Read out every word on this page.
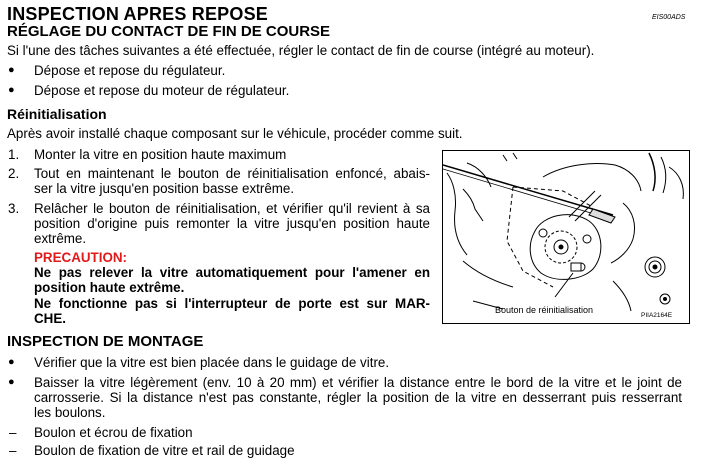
INSPECTION APRES REPOSE	EIS00ADS
RÉGLAGE DU CONTACT DE FIN DE COURSE
Si l'une des tâches suivantes a été effectuée, régler le contact de fin de course (intégré au moteur).
● Dépose et repose du régulateur.
● Dépose et repose du moteur de régulateur.
Réinitialisation
Après avoir installé chaque composant sur le véhicule, procéder comme suit.
1. Monter la vitre en position haute maximum
2. Tout en maintenant le bouton de réinitialisation enfoncé, abais-
ser la vitre jusqu'en position basse extrême.
3. Relâcher le bouton de réinitialisation, et vérifier qu'il revient à sa
position d'origine puis remonter la vitre jusqu'en position haute
extrême.
PRECAUTION:
Ne pas relever la vitre automatiquement pour l'amener en
position haute extrême.
Ne fonctionne pas si l'interrupteur de porte est sur MAR-
CHE.
Bouton de réinitialisation
PIIA2164E
INSPECTION DE MONTAGE
● Vérifier que la vitre est bien placée dans le guidage de vitre.
● Baisser la vitre légèrement (env. 10 à 20 mm) et vérifier la distance entre le bord de la vitre et le joint de
carrosserie. Si la distance n'est pas constante, régler la position de la vitre en desserrant puis resserrant
les boulons.
– Boulon et écrou de fixation
– Boulon de fixation de vitre et rail de guidage
